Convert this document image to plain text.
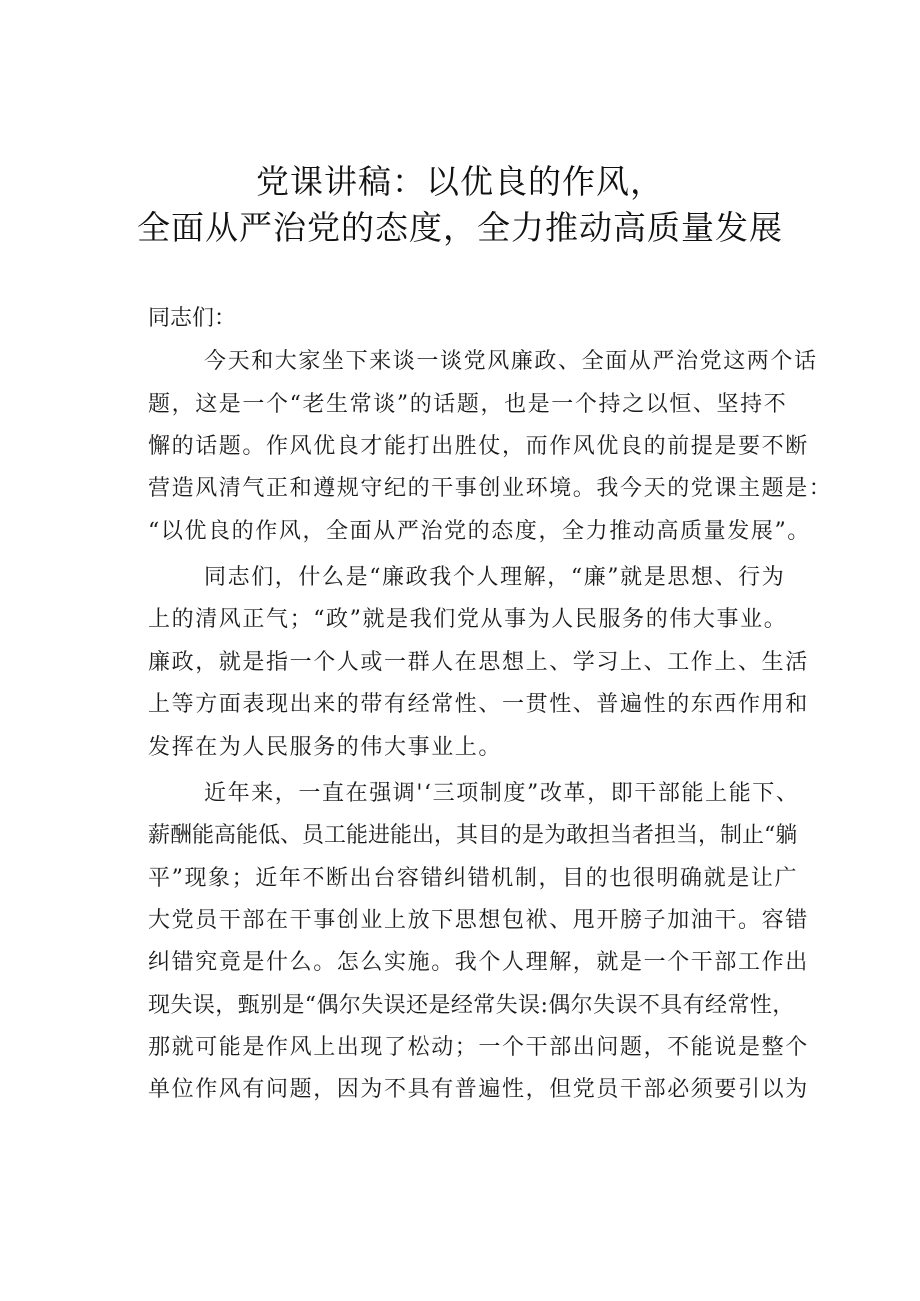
党课讲稿：以优良的作风，
全面从严治党的态度，全力推动高质量发展
同志们：
今天和大家坐下来谈一谈党风廉政、全面从严治党这两个话
题，这是一个“老生常谈”的话题，也是一个持之以恒、坚持不
懈的话题。作风优良才能打出胜仗，而作风优良的前提是要不断
营造风清气正和遵规守纪的干事创业环境。我今天的党课主题是：
“以优良的作风，全面从严治党的态度，全力推动高质量发展”。
同志们，什么是“廉政我个人理解，“廉”就是思想、行为
上的清风正气；“政”就是我们党从事为人民服务的伟大事业。
廉政，就是指一个人或一群人在思想上、学习上、工作上、生活
上等方面表现出来的带有经常性、一贯性、普遍性的东西作用和
发挥在为人民服务的伟大事业上。
近年来，一直在强调'‘三项制度”改革，即干部能上能下、
薪酬能高能低、员工能进能出，其目的是为敢担当者担当，制止“躺
平”现象；近年不断出台容错纠错机制，目的也很明确就是让广
大党员干部在干事创业上放下思想包袱、甩开膀子加油干。容错
纠错究竟是什么。怎么实施。我个人理解，就是一个干部工作出
现失误，甄别是“偶尔失误还是经常失误:偶尔失误不具有经常性，
那就可能是作风上出现了松动；一个干部出问题，不能说是整个
单位作风有问题，因为不具有普遍性，但党员干部必须要引以为
